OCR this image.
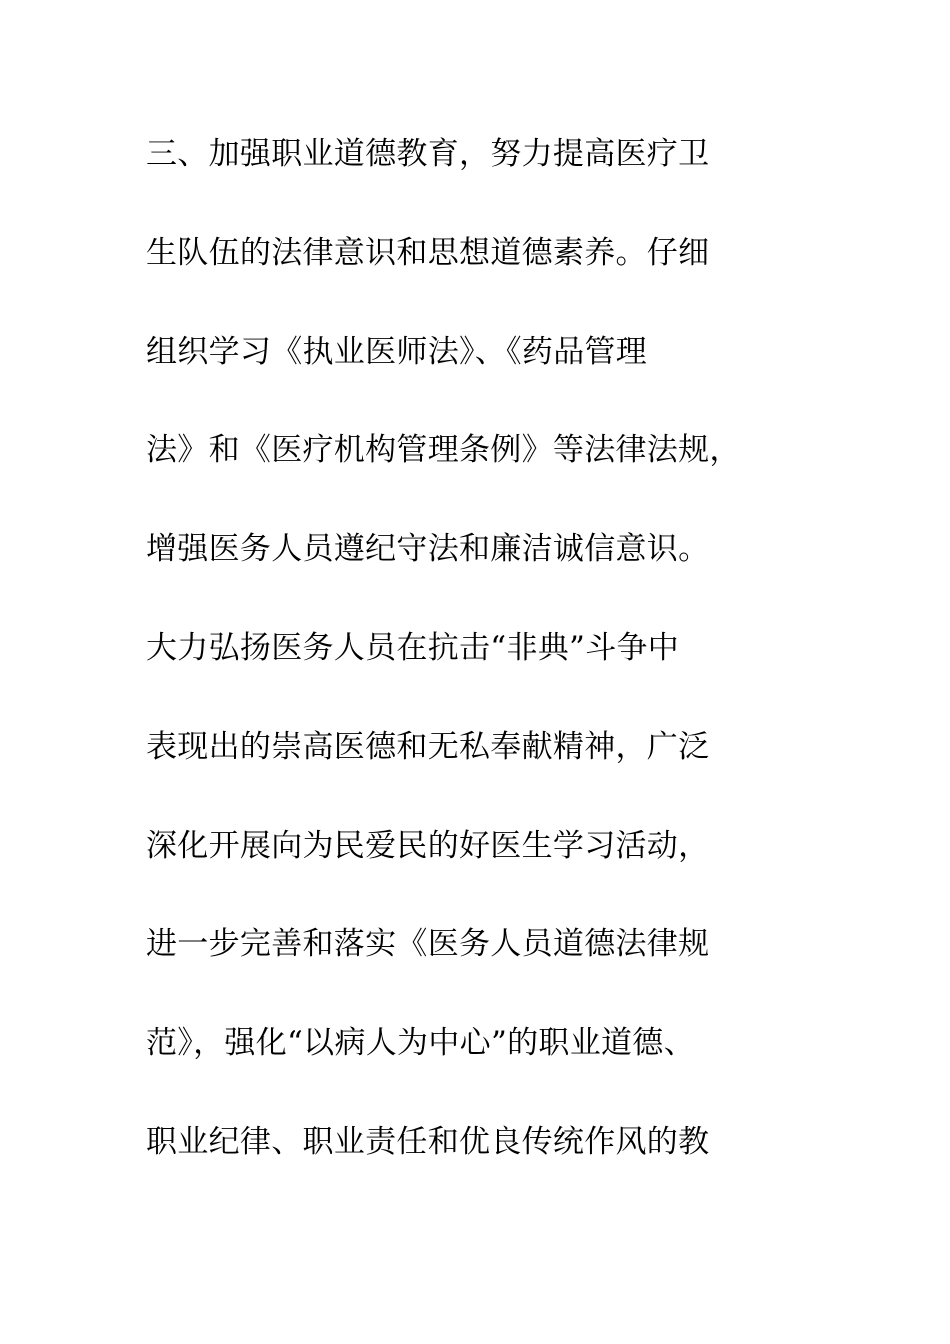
三、加强职业道德教育，努力提高医疗卫
生队伍的法律意识和思想道德素养。仔细
组织学习《执业医师法》、《药品管理
法》和《医疗机构管理条例》等法律法规，
增强医务人员遵纪守法和廉洁诚信意识。
大力弘扬医务人员在抗击“非典”斗争中
表现出的崇高医德和无私奉献精神，广泛
深化开展向为民爱民的好医生学习活动，
进一步完善和落实《医务人员道德法律规
范》，强化“以病人为中心”的职业道德、
职业纪律、职业责任和优良传统作风的教
